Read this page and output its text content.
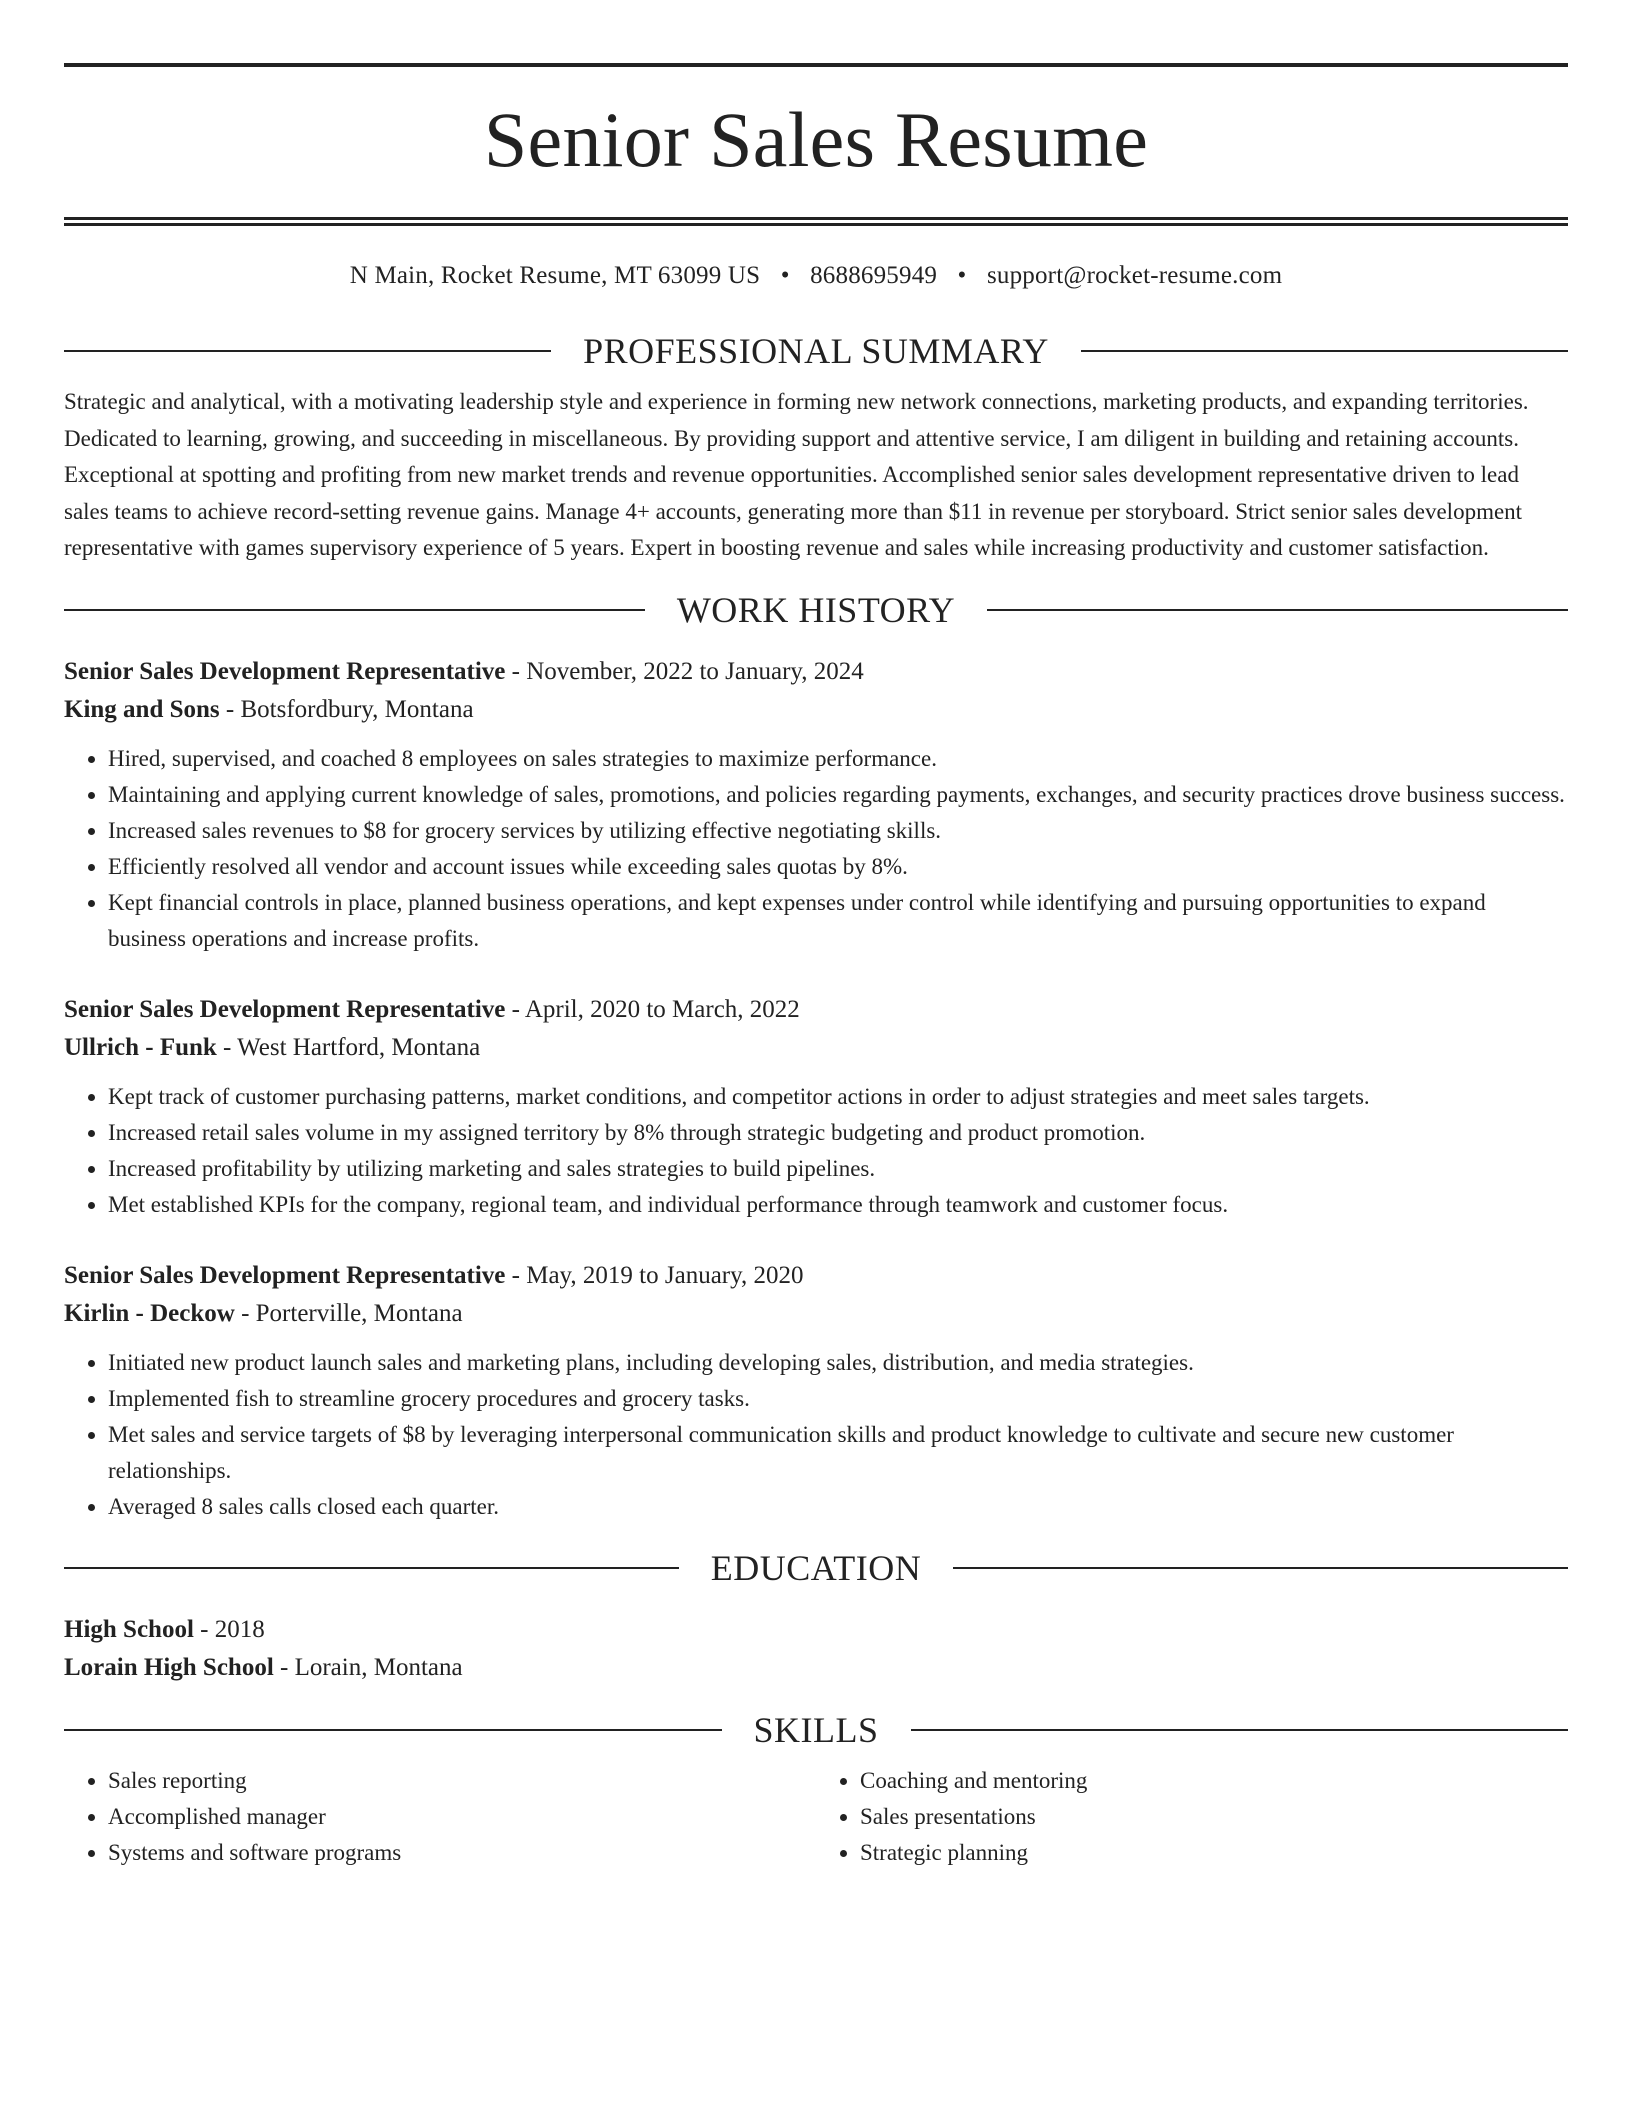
Senior Sales Resume
N Main, Rocket Resume, MT 63099 US • 8688695949 • support@rocket-resume.com
PROFESSIONAL SUMMARY

Strategic and analytical, with a motivating leadership style and experience in forming new network connections, marketing products, and expanding territories. Dedicated to learning, growing, and succeeding in miscellaneous. By providing support and attentive service, I am diligent in building and retaining accounts. Exceptional at spotting and profiting from new market trends and revenue opportunities. Accomplished senior sales development representative driven to lead sales teams to achieve record-setting revenue gains. Manage 4+ accounts, generating more than $11 in revenue per storyboard. Strict senior sales development representative with games supervisory experience of 5 years. Expert in boosting revenue and sales while increasing productivity and customer satisfaction.

WORK HISTORY
Senior Sales Development Representative - November, 2022 to January, 2024
King and Sons - Botsfordbury, Montana
• Hired, supervised, and coached 8 employees on sales strategies to maximize performance.
• Maintaining and applying current knowledge of sales, promotions, and policies regarding payments, exchanges, and security practices drove business success.
• Increased sales revenues to $8 for grocery services by utilizing effective negotiating skills.
• Efficiently resolved all vendor and account issues while exceeding sales quotas by 8%.
• Kept financial controls in place, planned business operations, and kept expenses under control while identifying and pursuing opportunities to expand business operations and increase profits.
Senior Sales Development Representative - April, 2020 to March, 2022
Ullrich - Funk - West Hartford, Montana
• Kept track of customer purchasing patterns, market conditions, and competitor actions in order to adjust strategies and meet sales targets.
• Increased retail sales volume in my assigned territory by 8% through strategic budgeting and product promotion.
• Increased profitability by utilizing marketing and sales strategies to build pipelines.
• Met established KPIs for the company, regional team, and individual performance through teamwork and customer focus.
Senior Sales Development Representative - May, 2019 to January, 2020
Kirlin - Deckow - Porterville, Montana
• Initiated new product launch sales and marketing plans, including developing sales, distribution, and media strategies.
• Implemented fish to streamline grocery procedures and grocery tasks.
• Met sales and service targets of $8 by leveraging interpersonal communication skills and product knowledge to cultivate and secure new customer relationships.
• Averaged 8 sales calls closed each quarter.
EDUCATION
High School - 2018
Lorain High School - Lorain, Montana
SKILLS
• Sales reporting
• Accomplished manager
• Systems and software programs
• Coaching and mentoring
• Sales presentations
• Strategic planning
